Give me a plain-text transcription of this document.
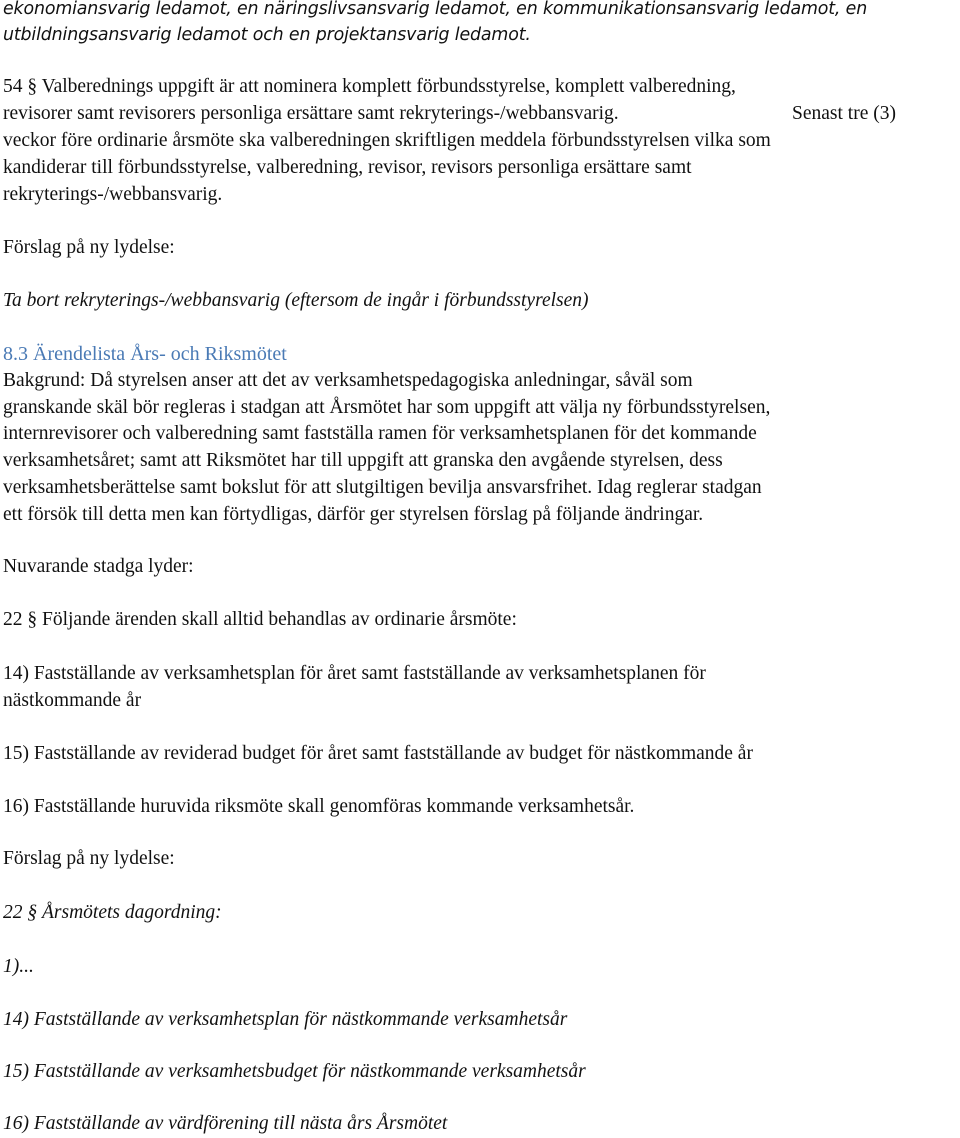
ekonomiansvarig ledamot, en näringslivsansvarig ledamot, en kommunikationsansvarig ledamot, en
utbildningsansvarig ledamot och en projektansvarig ledamot.
54 § Valberednings uppgift är att nominera komplett förbundsstyrelse, komplett valberedning,
revisorer samt revisorers personliga ersättare samt rekryterings-/webbansvarig.	Senast tre (3)
veckor före ordinarie årsmöte ska valberedningen skriftligen meddela förbundsstyrelsen vilka som
kandiderar till förbundsstyrelse, valberedning, revisor, revisors personliga ersättare samt
rekryterings-/webbansvarig.
Förslag på ny lydelse:
Ta bort rekryterings-/webbansvarig (eftersom de ingår i förbundsstyrelsen)
8.3 Ärendelista Års- och Riksmötet
Bakgrund: Då styrelsen anser att det av verksamhetspedagogiska anledningar, såväl som
granskande skäl bör regleras i stadgan att Årsmötet har som uppgift att välja ny förbundsstyrelsen,
internrevisorer och valberedning samt fastställa ramen för verksamhetsplanen för det kommande
verksamhetsåret; samt att Riksmötet har till uppgift att granska den avgående styrelsen, dess
verksamhetsberättelse samt bokslut för att slutgiltigen bevilja ansvarsfrihet. Idag reglerar stadgan
ett försök till detta men kan förtydligas, därför ger styrelsen förslag på följande ändringar.
Nuvarande stadga lyder:
22 § Följande ärenden skall alltid behandlas av ordinarie årsmöte:
14) Fastställande av verksamhetsplan för året samt fastställande av verksamhetsplanen för
nästkommande år
15) Fastställande av reviderad budget för året samt fastställande av budget för nästkommande år
16) Fastställande huruvida riksmöte skall genomföras kommande verksamhetsår.
Förslag på ny lydelse:
22 § Årsmötets dagordning:
1)...
14) Fastställande av verksamhetsplan för nästkommande verksamhetsår
15) Fastställande av verksamhetsbudget för nästkommande verksamhetsår
16) Fastställande av värdförening till nästa års Årsmötet
